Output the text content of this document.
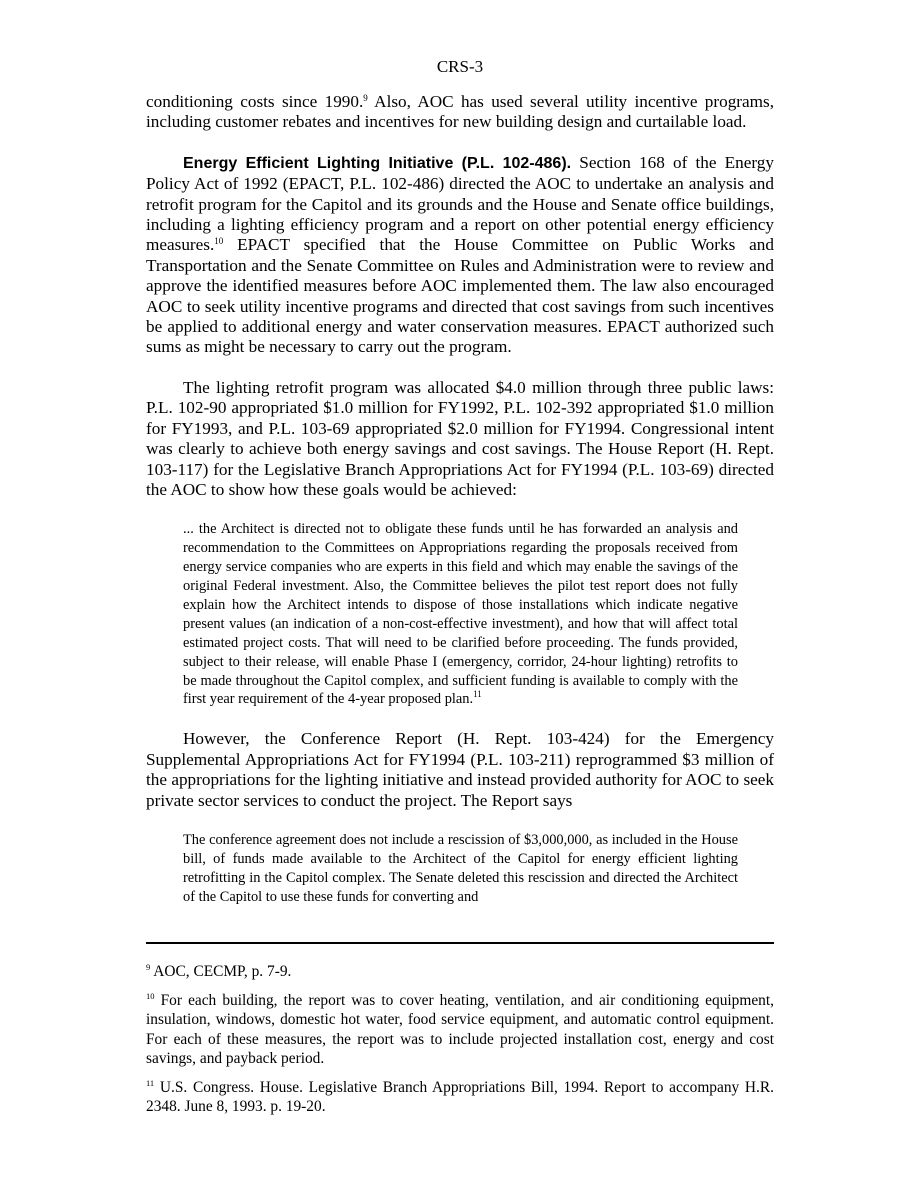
CRS-3

conditioning costs since 1990.$^9$ Also, AOC has used several utility incentive programs, including customer rebates and incentives for new building design and curtailable load.

Energy Efficient Lighting Initiative (P.L. 102-486). Section 168 of the Energy Policy Act of 1992 (EPACT, P.L. 102-486) directed the AOC to undertake an analysis and retrofit program for the Capitol and its grounds and the House and Senate office buildings, including a lighting efficiency program and a report on other potential energy efficiency measures.$^{10}$ EPACT specified that the House Committee on Public Works and Transportation and the Senate Committee on Rules and Administration were to review and approve the identified measures before AOC implemented them. The law also encouraged AOC to seek utility incentive programs and directed that cost savings from such incentives be applied to additional energy and water conservation measures. EPACT authorized such sums as might be necessary to carry out the program.

The lighting retrofit program was allocated $4.0 million through three public laws: P.L. 102-90 appropriated $1.0 million for FY1992, P.L. 102-392 appropriated $1.0 million for FY1993, and P.L. 103-69 appropriated $2.0 million for FY1994. Congressional intent was clearly to achieve both energy savings and cost savings. The House Report (H. Rept. 103-117) for the Legislative Branch Appropriations Act for FY1994 (P.L. 103-69) directed the AOC to show how these goals would be achieved:

... the Architect is directed not to obligate these funds until he has forwarded an analysis and recommendation to the Committees on Appropriations regarding the proposals received from energy service companies who are experts in this field and which may enable the savings of the original Federal investment. Also, the Committee believes the pilot test report does not fully explain how the Architect intends to dispose of those installations which indicate negative present values (an indication of a non-cost-effective investment), and how that will affect total estimated project costs. That will need to be clarified before proceeding. The funds provided, subject to their release, will enable Phase I (emergency, corridor, 24-hour lighting) retrofits to be made throughout the Capitol complex, and sufficient funding is available to comply with the first year requirement of the 4-year proposed plan.$^{11}$

However, the Conference Report (H. Rept. 103-424) for the Emergency Supplemental Appropriations Act for FY1994 (P.L. 103-211) reprogrammed $3 million of the appropriations for the lighting initiative and instead provided authority for AOC to seek private sector services to conduct the project. The Report says

The conference agreement does not include a rescission of $3,000,000, as included in the House bill, of funds made available to the Architect of the Capitol for energy efficient lighting retrofitting in the Capitol complex. The Senate deleted this rescission and directed the Architect of the Capitol to use these funds for converting and

$^9$ AOC, CECMP, p. 7-9.

$^{10}$ For each building, the report was to cover heating, ventilation, and air conditioning equipment, insulation, windows, domestic hot water, food service equipment, and automatic control equipment. For each of these measures, the report was to include projected installation cost, energy and cost savings, and payback period.

$^{11}$ U.S. Congress. House. Legislative Branch Appropriations Bill, 1994. Report to accompany H.R. 2348. June 8, 1993. p. 19-20.
